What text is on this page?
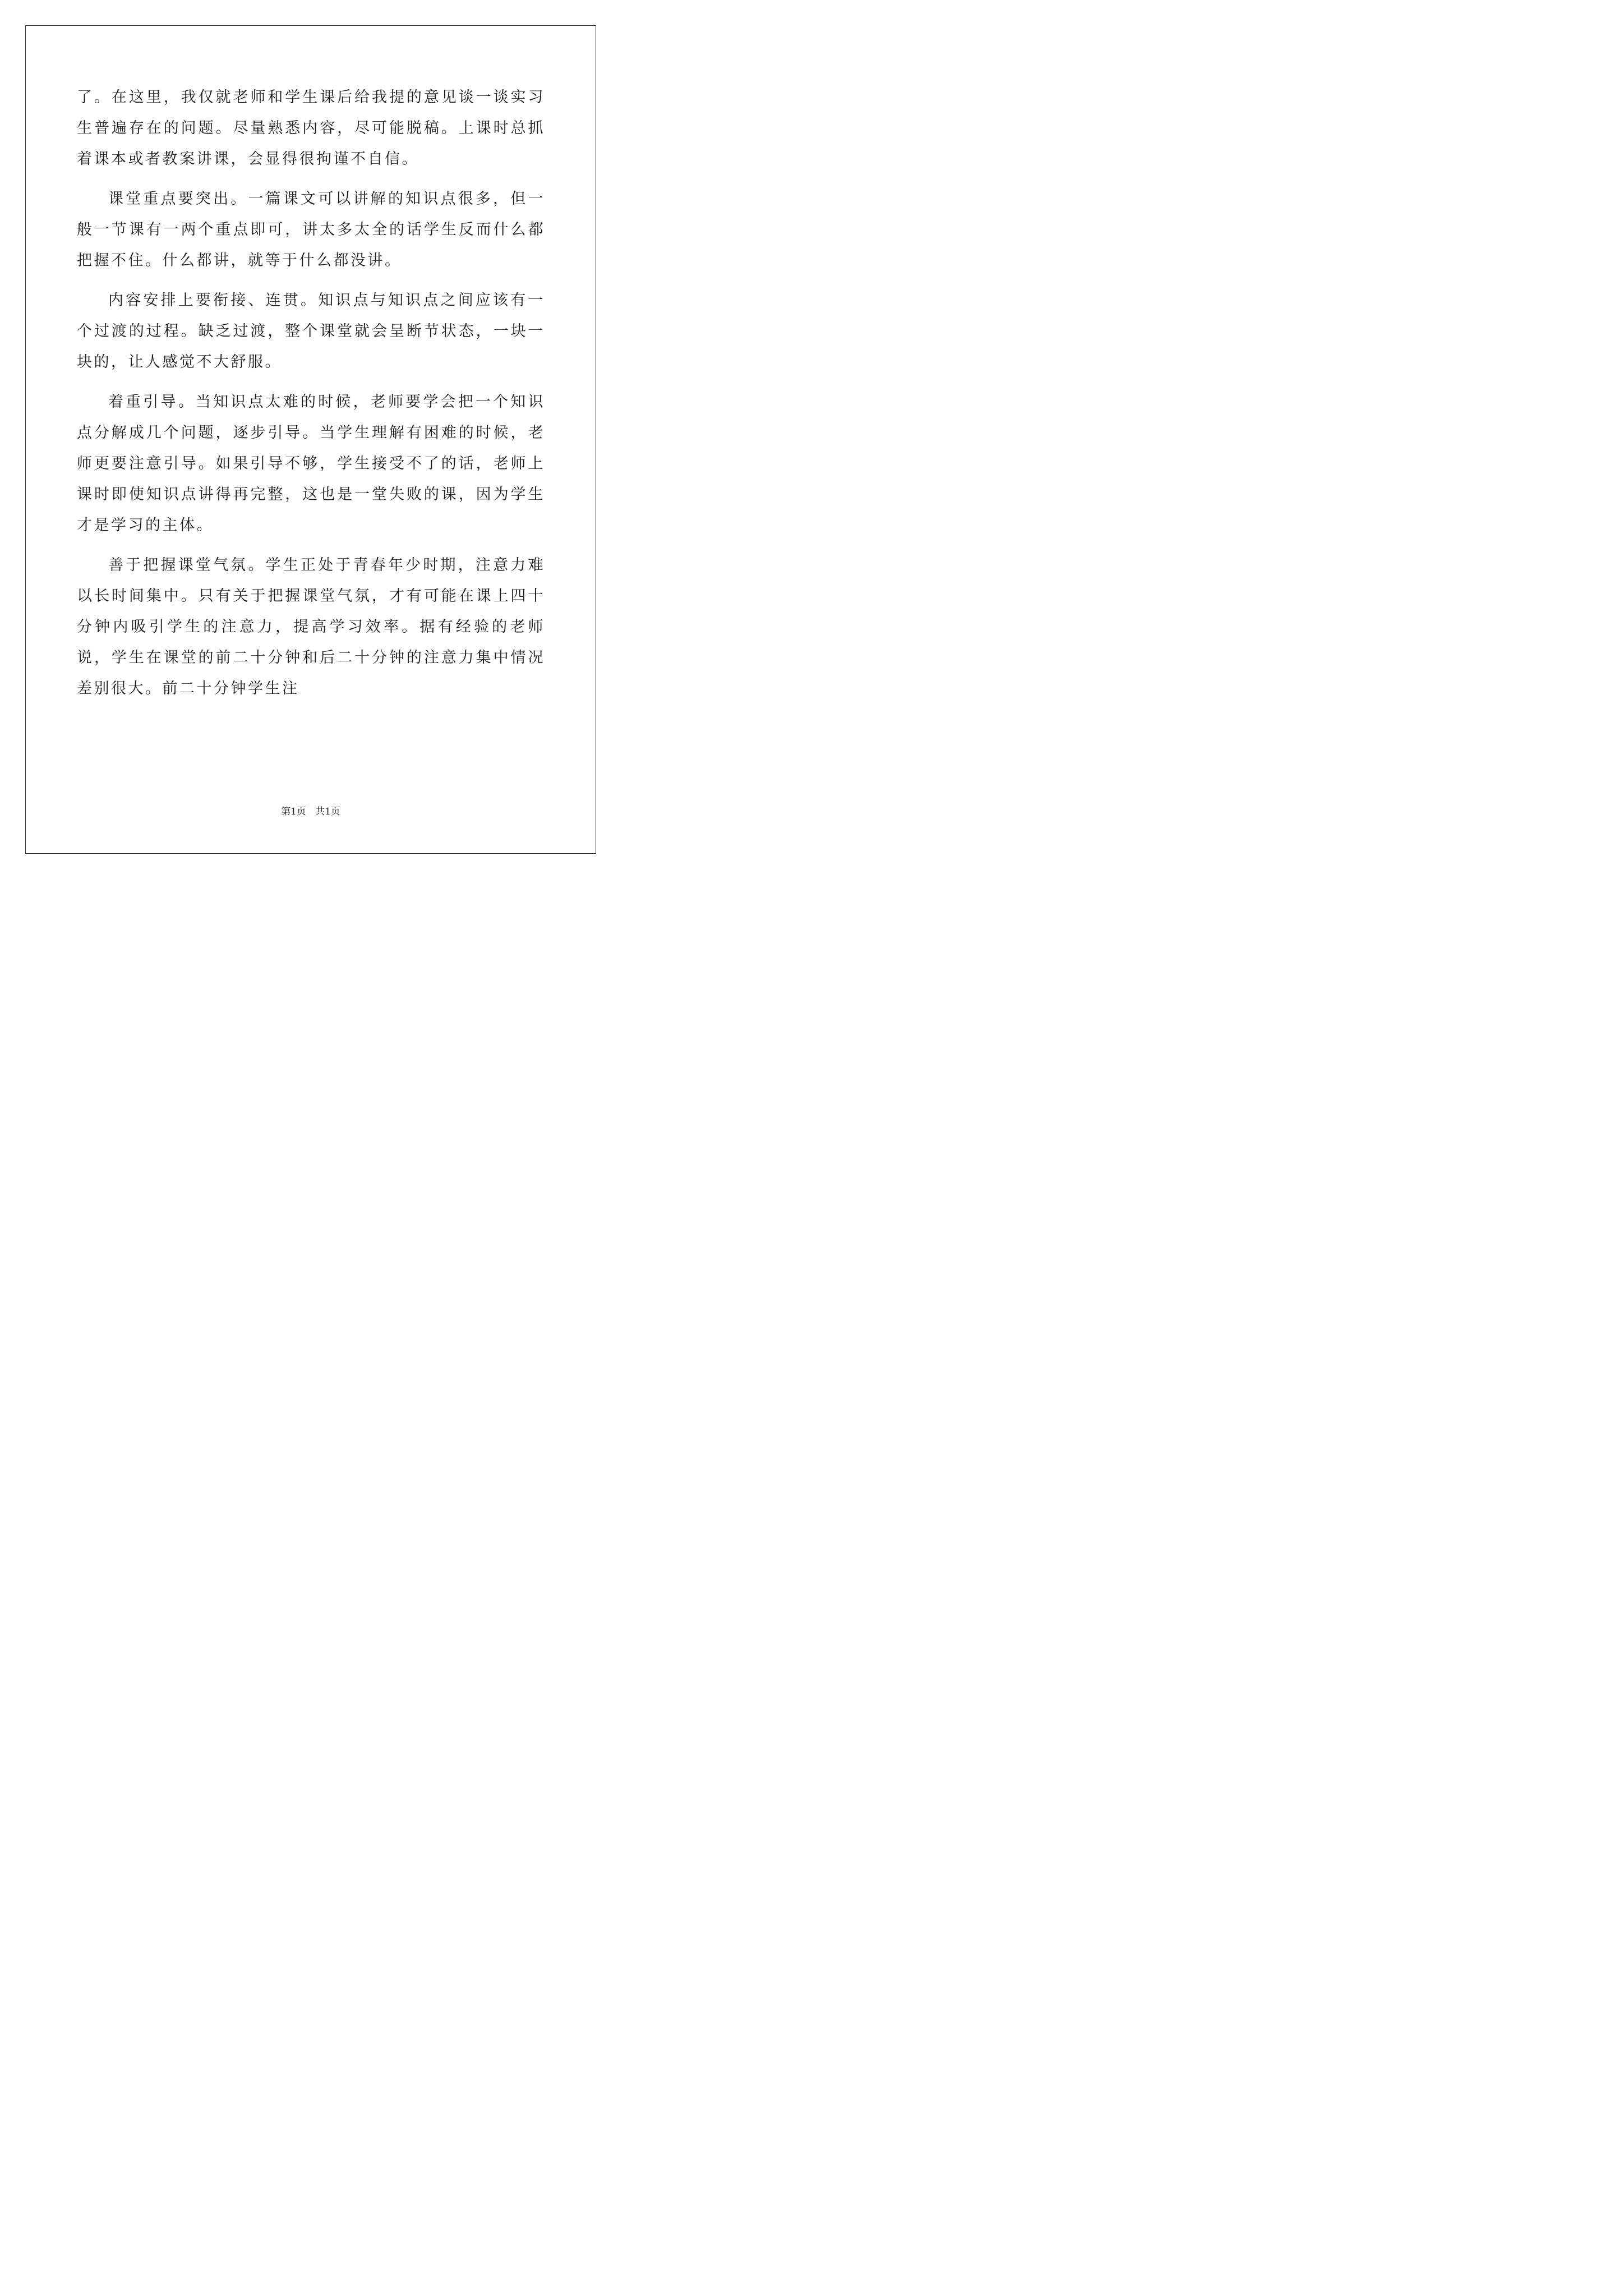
了。在这里，我仅就老师和学生课后给我提的意见谈一谈实习生普遍存在的问题。尽量熟悉内容，尽可能脱稿。上课时总抓着课本或者教案讲课，会显得很拘谨不自信。

课堂重点要突出。一篇课文可以讲解的知识点很多，但一般一节课有一两个重点即可，讲太多太全的话学生反而什么都把握不住。什么都讲，就等于什么都没讲。

内容安排上要衔接、连贯。知识点与知识点之间应该有一个过渡的过程。缺乏过渡，整个课堂就会呈断节状态，一块一块的，让人感觉不大舒服。

着重引导。当知识点太难的时候，老师要学会把一个知识点分解成几个问题，逐步引导。当学生理解有困难的时候，老师更要注意引导。如果引导不够，学生接受不了的话，老师上课时即使知识点讲得再完整，这也是一堂失败的课，因为学生才是学习的主体。

善于把握课堂气氛。学生正处于青春年少时期，注意力难以长时间集中。只有关于把握课堂气氛，才有可能在课上四十分钟内吸引学生的注意力，提高学习效率。据有经验的老师说，学生在课堂的前二十分钟和后二十分钟的注意力集中情况差别很大。前二十分钟学生注

第1页 共1页
